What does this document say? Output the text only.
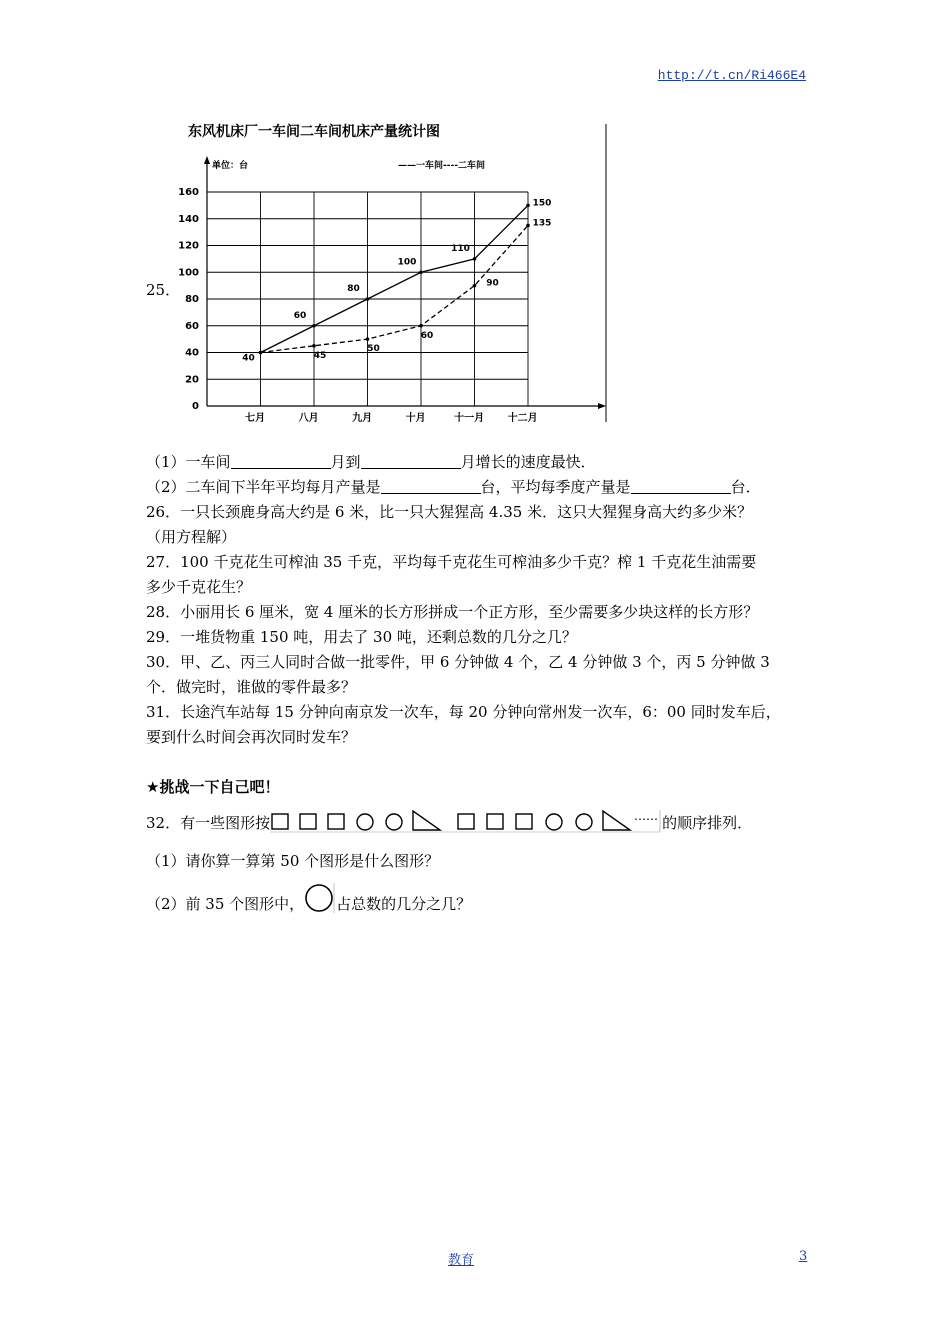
http://t.cn/Ri466E4
25．
东风机床厂一车间二车间机床产量统计图
单位：台	——一车间----二车间
0
20
40
60
80
100
120
140
160
七月	八月	九月	十月	十一月 十二月
40
60
80
100
110
150
45
50
60
90
135
（1）一车间	月到	月增长的速度最快．
（2）二车间下半年平均每月产量是	台，平均每季度产量是	台．
26．一只长颈鹿身高大约是 6 米，比一只大猩猩高 4.35 米．这只大猩猩身高大约多少米？
（用方程解）
27．100 千克花生可榨油 35 千克，平均每千克花生可榨油多少千克？榨 1 千克花生油需要
多少千克花生？
28．小丽用长 6 厘米，宽 4 厘米的长方形拼成一个正方形，至少需要多少块这样的长方形？
29．一堆货物重 150 吨，用去了 30 吨，还剩总数的几分之几？
30．甲、乙、丙三人同时合做一批零件，甲 6 分钟做 4 个，乙 4 分钟做 3 个，丙 5 分钟做 3
个．做完时，谁做的零件最多？
31．长途汽车站每 15 分钟向南京发一次车，每 20 分钟向常州发一次车，6：00 同时发车后，
要到什么时间会再次同时发车？
★挑战一下自己吧！
32．有一些图形按	…… 的顺序排列．
（1）请你算一算第 50 个图形是什么图形？
（2）前 35 个图形中， 占总数的几分之几？
教育	3
